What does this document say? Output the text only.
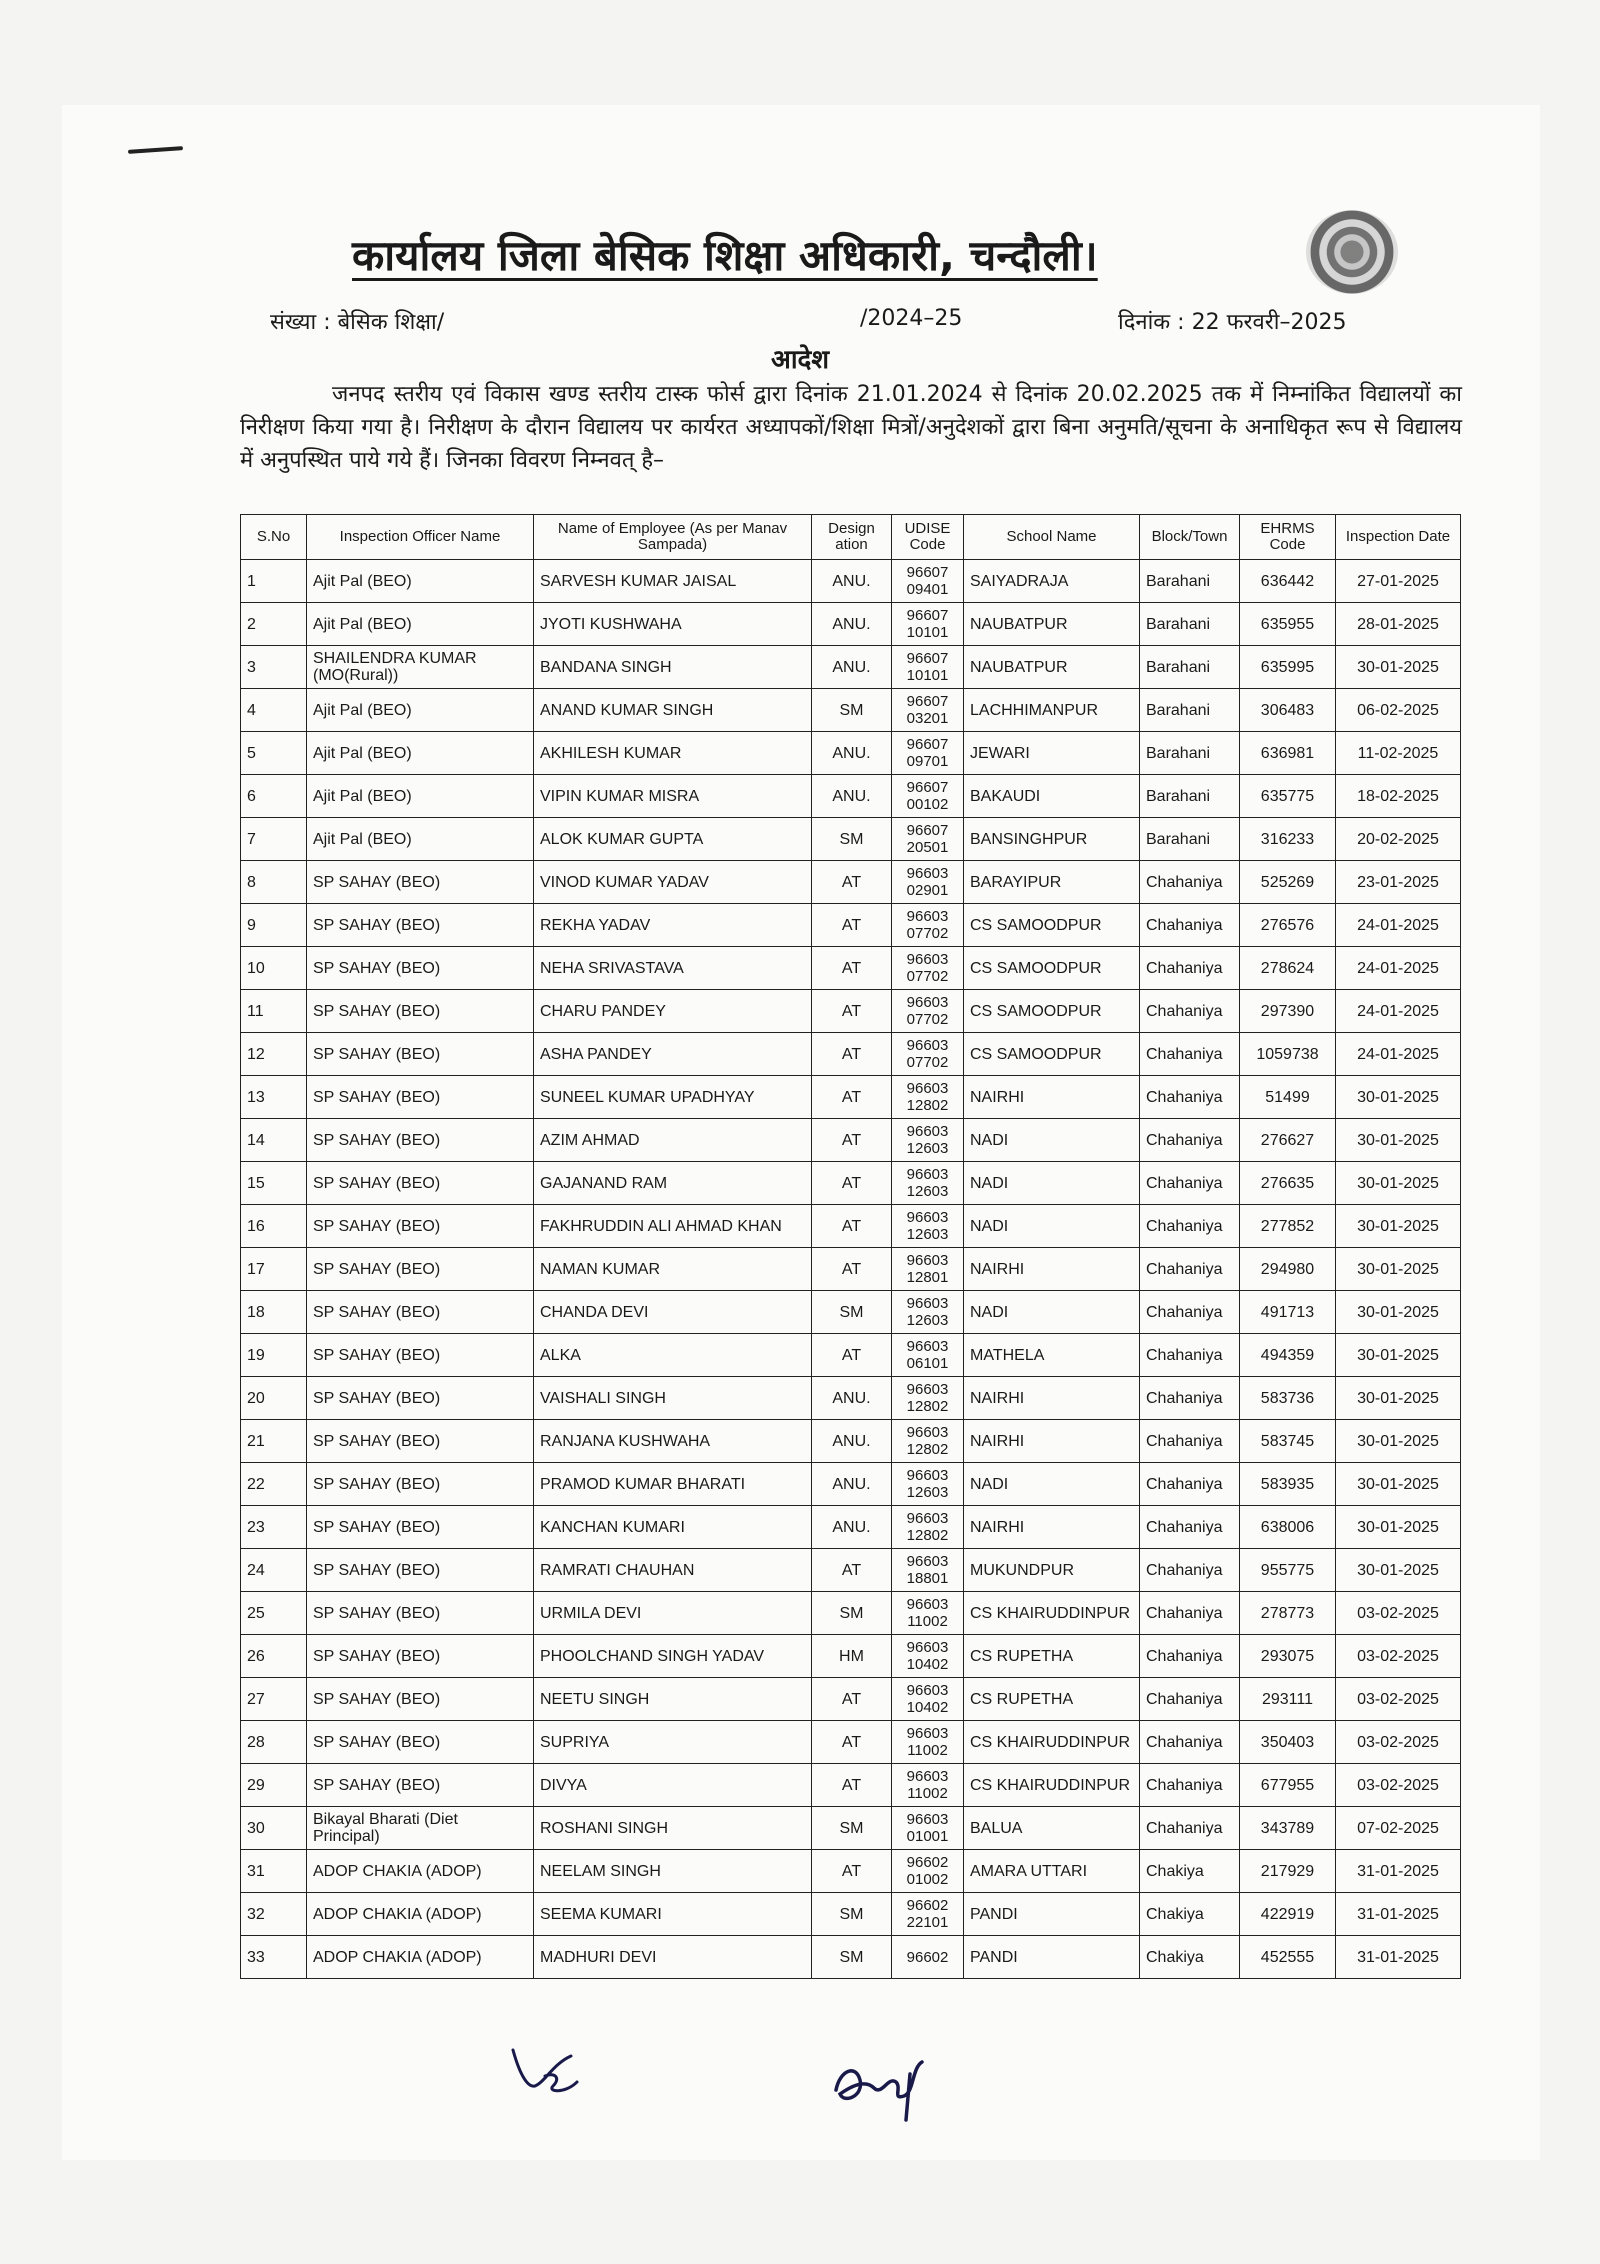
कार्यालय जिला बेसिक शिक्षा अधिकारी, चन्दौली।
संख्या : बेसिक शिक्षा/	/2024–25	दिनांक : 22 फरवरी–2025
आदेश
जनपद स्तरीय एवं विकास खण्ड स्तरीय टास्क फोर्स द्वारा दिनांक 21.01.2024 से दिनांक 20.02.2025 तक में निम्नांकित विद्यालयों का निरीक्षण किया गया है। निरीक्षण के दौरान विद्यालय पर कार्यरत अध्यापकों/शिक्षा मित्रों/अनुदेशकों द्वारा बिना अनुमति/सूचना के अनाधिकृत रूप से विद्यालय में अनुपस्थित पाये गये हैं। जिनका विवरण निम्नवत् है–
S.No	Inspection Officer Name	Name of Employee (As per Manav Sampada)	Design ation	UDISE Code	School Name	Block/Town	EHRMS Code	Inspection Date
1	Ajit Pal (BEO)	SARVESH KUMAR JAISAL	ANU.	96607 09401	SAIYADRAJA	Barahani	636442	27-01-2025
2	Ajit Pal (BEO)	JYOTI KUSHWAHA	ANU.	96607 10101	NAUBATPUR	Barahani	635955	28-01-2025
3	SHAILENDRA KUMAR (MO(Rural))	BANDANA SINGH	ANU.	96607 10101	NAUBATPUR	Barahani	635995	30-01-2025
4	Ajit Pal (BEO)	ANAND KUMAR SINGH	SM	96607 03201	LACHHIMANPUR	Barahani	306483	06-02-2025
5	Ajit Pal (BEO)	AKHILESH KUMAR	ANU.	96607 09701	JEWARI	Barahani	636981	11-02-2025
6	Ajit Pal (BEO)	VIPIN KUMAR MISRA	ANU.	96607 00102	BAKAUDI	Barahani	635775	18-02-2025
7	Ajit Pal (BEO)	ALOK KUMAR GUPTA	SM	96607 20501	BANSINGHPUR	Barahani	316233	20-02-2025
8	SP SAHAY (BEO)	VINOD KUMAR YADAV	AT	96603 02901	BARAYIPUR	Chahaniya	525269	23-01-2025
9	SP SAHAY (BEO)	REKHA YADAV	AT	96603 07702	CS SAMOODPUR	Chahaniya	276576	24-01-2025
10	SP SAHAY (BEO)	NEHA SRIVASTAVA	AT	96603 07702	CS SAMOODPUR	Chahaniya	278624	24-01-2025
11	SP SAHAY (BEO)	CHARU PANDEY	AT	96603 07702	CS SAMOODPUR	Chahaniya	297390	24-01-2025
12	SP SAHAY (BEO)	ASHA PANDEY	AT	96603 07702	CS SAMOODPUR	Chahaniya	1059738	24-01-2025
13	SP SAHAY (BEO)	SUNEEL KUMAR UPADHYAY	AT	96603 12802	NAIRHI	Chahaniya	51499	30-01-2025
14	SP SAHAY (BEO)	AZIM AHMAD	AT	96603 12603	NADI	Chahaniya	276627	30-01-2025
15	SP SAHAY (BEO)	GAJANAND RAM	AT	96603 12603	NADI	Chahaniya	276635	30-01-2025
16	SP SAHAY (BEO)	FAKHRUDDIN ALI AHMAD KHAN	AT	96603 12603	NADI	Chahaniya	277852	30-01-2025
17	SP SAHAY (BEO)	NAMAN KUMAR	AT	96603 12801	NAIRHI	Chahaniya	294980	30-01-2025
18	SP SAHAY (BEO)	CHANDA DEVI	SM	96603 12603	NADI	Chahaniya	491713	30-01-2025
19	SP SAHAY (BEO)	ALKA	AT	96603 06101	MATHELA	Chahaniya	494359	30-01-2025
20	SP SAHAY (BEO)	VAISHALI SINGH	ANU.	96603 12802	NAIRHI	Chahaniya	583736	30-01-2025
21	SP SAHAY (BEO)	RANJANA KUSHWAHA	ANU.	96603 12802	NAIRHI	Chahaniya	583745	30-01-2025
22	SP SAHAY (BEO)	PRAMOD KUMAR BHARATI	ANU.	96603 12603	NADI	Chahaniya	583935	30-01-2025
23	SP SAHAY (BEO)	KANCHAN KUMARI	ANU.	96603 12802	NAIRHI	Chahaniya	638006	30-01-2025
24	SP SAHAY (BEO)	RAMRATI CHAUHAN	AT	96603 18801	MUKUNDPUR	Chahaniya	955775	30-01-2025
25	SP SAHAY (BEO)	URMILA DEVI	SM	96603 11002	CS KHAIRUDDINPUR	Chahaniya	278773	03-02-2025
26	SP SAHAY (BEO)	PHOOLCHAND SINGH YADAV	HM	96603 10402	CS RUPETHA	Chahaniya	293075	03-02-2025
27	SP SAHAY (BEO)	NEETU SINGH	AT	96603 10402	CS RUPETHA	Chahaniya	293111	03-02-2025
28	SP SAHAY (BEO)	SUPRIYA	AT	96603 11002	CS KHAIRUDDINPUR	Chahaniya	350403	03-02-2025
29	SP SAHAY (BEO)	DIVYA	AT	96603 11002	CS KHAIRUDDINPUR	Chahaniya	677955	03-02-2025
30	Bikayal Bharati (Diet Principal)	ROSHANI SINGH	SM	96603 01001	BALUA	Chahaniya	343789	07-02-2025
31	ADOP CHAKIA (ADOP)	NEELAM SINGH	AT	96602 01002	AMARA UTTARI	Chakiya	217929	31-01-2025
32	ADOP CHAKIA (ADOP)	SEEMA KUMARI	SM	96602 22101	PANDI	Chakiya	422919	31-01-2025
33	ADOP CHAKIA (ADOP)	MADHURI DEVI	SM	96602	PANDI	Chakiya	452555	31-01-2025
